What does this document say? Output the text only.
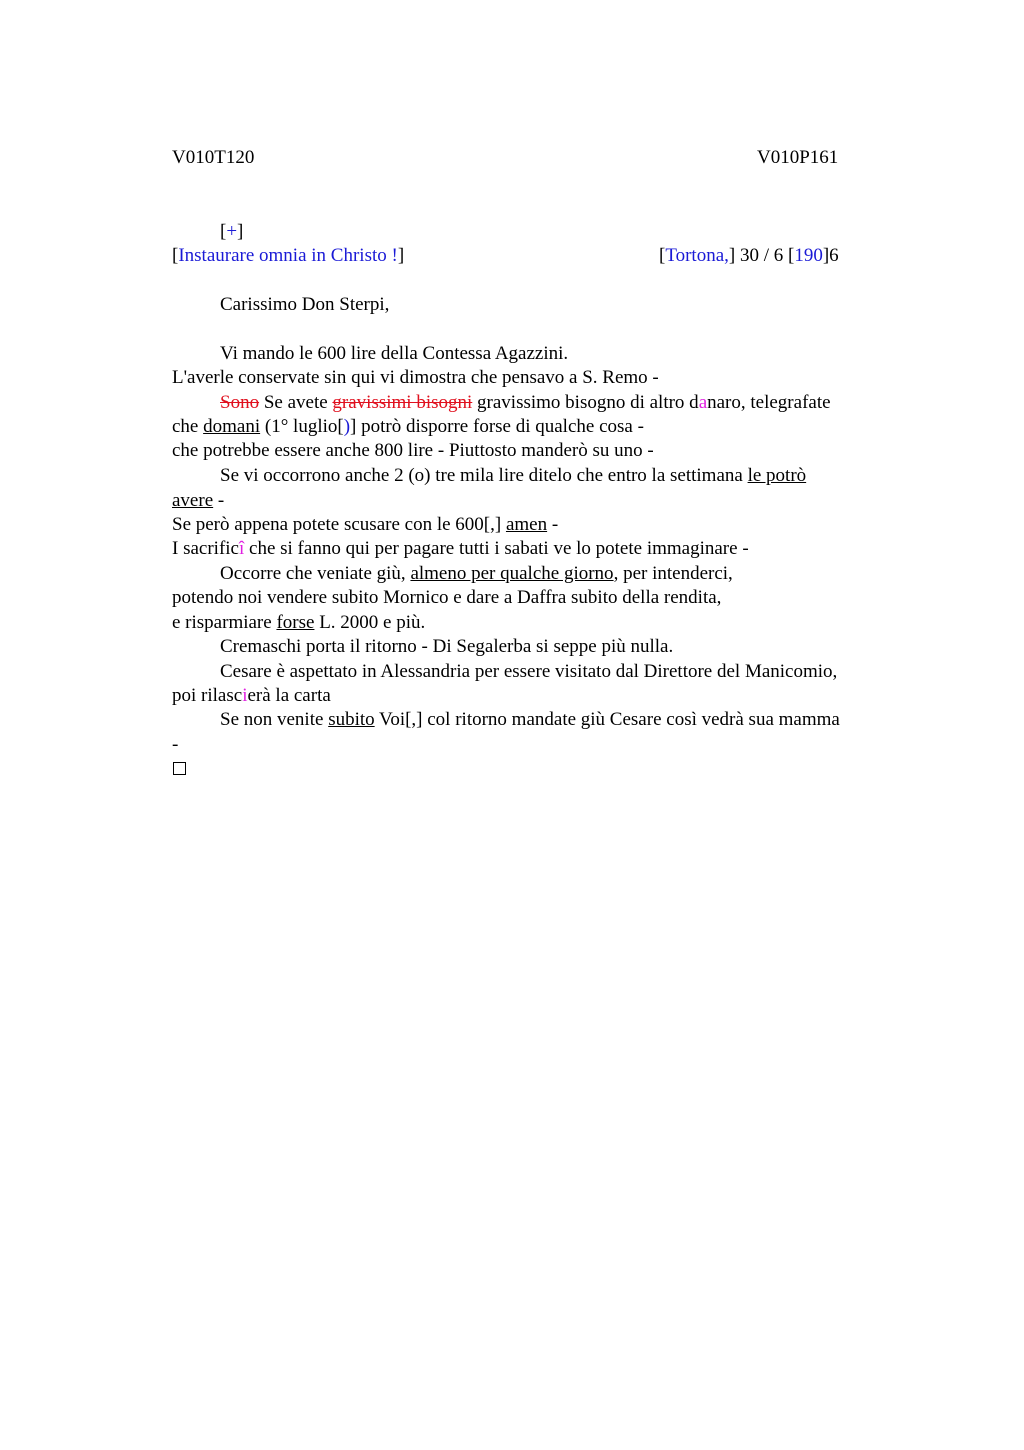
V010T120	V010P161
[+]
[Instaurare omnia in Christo !]	[Tortona,] 30 / 6 [190]6
Carissimo Don Sterpi,
Vi mando le 600 lire della Contessa Agazzini.
L'averle conservate sin qui vi dimostra che pensavo a S. Remo -
Sono Se avete gravissimi bisogni gravissimo bisogno di altro danaro, telegrafate
che domani (1° luglio[)] potrò disporre forse di qualche cosa -
che potrebbe essere anche 800 lire - Piuttosto manderò su uno -
Se vi occorrono anche 2 (o) tre mila lire ditelo che entro la settimana le potrò
avere -
Se però appena potete scusare con le 600[,] amen -
I sacrificî che si fanno qui per pagare tutti i sabati ve lo potete immaginare -
Occorre che veniate giù, almeno per qualche giorno, per intenderci,
potendo noi vendere subito Mornico e dare a Daffra subito della rendita,
e risparmiare forse L. 2000 e più.
Cremaschi porta il ritorno - Di Segalerba si seppe più nulla.
Cesare è aspettato in Alessandria per essere visitato dal Direttore del Manicomio,
poi rilascierà la carta
Se non venite subito Voi[,] col ritorno mandate giù Cesare così vedrà sua mamma
-
